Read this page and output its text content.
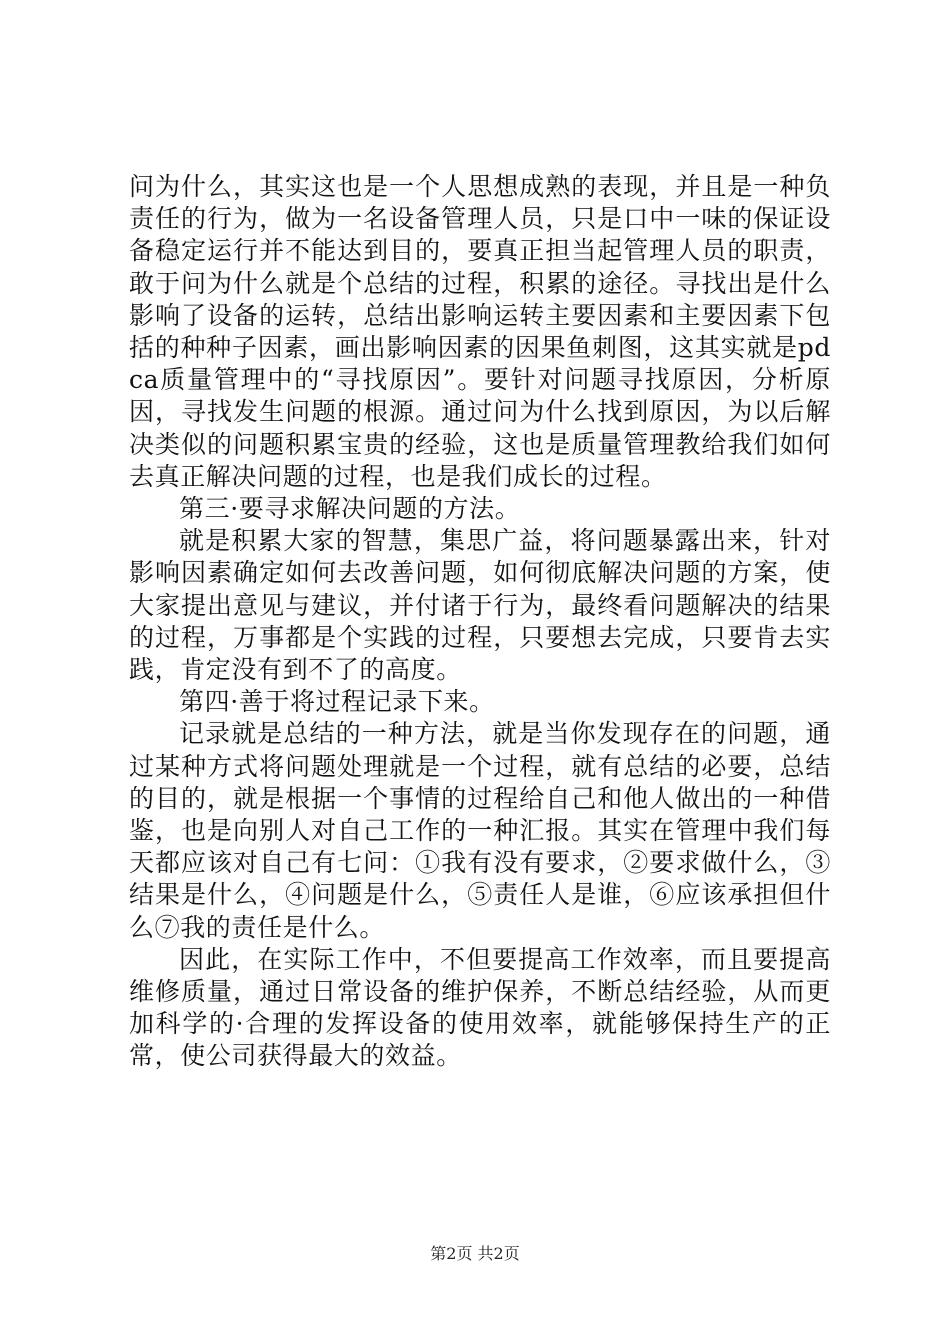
问为什么，其实这也是一个人思想成熟的表现，并且是一种负责任的行为，做为一名设备管理人员，只是口中一味的保证设备稳定运行并不能达到目的，要真正担当起管理人员的职责，敢于问为什么就是个总结的过程，积累的途径。寻找出是什么影响了设备的运转，总结出影响运转主要因素和主要因素下包括的种种子因素，画出影响因素的因果鱼刺图，这其实就是pdca质量管理中的“寻找原因”。要针对问题寻找原因，分析原因，寻找发生问题的根源。通过问为什么找到原因，为以后解决类似的问题积累宝贵的经验，这也是质量管理教给我们如何去真正解决问题的过程，也是我们成长的过程。

第三·要寻求解决问题的方法。

就是积累大家的智慧，集思广益，将问题暴露出来，针对影响因素确定如何去改善问题，如何彻底解决问题的方案，使大家提出意见与建议，并付诸于行为，最终看问题解决的结果的过程，万事都是个实践的过程，只要想去完成，只要肯去实践，肯定没有到不了的高度。

第四·善于将过程记录下来。

记录就是总结的一种方法，就是当你发现存在的问题，通过某种方式将问题处理就是一个过程，就有总结的必要，总结的目的，就是根据一个事情的过程给自己和他人做出的一种借鉴，也是向别人对自己工作的一种汇报。其实在管理中我们每天都应该对自己有七问：①我有没有要求，②要求做什么，③结果是什么，④问题是什么，⑤责任人是谁，⑥应该承担但什么⑦我的责任是什么。

因此，在实际工作中，不但要提高工作效率，而且要提高维修质量，通过日常设备的维护保养，不断总结经验，从而更加科学的·合理的发挥设备的使用效率，就能够保持生产的正常，使公司获得最大的效益。

第2页 共2页
